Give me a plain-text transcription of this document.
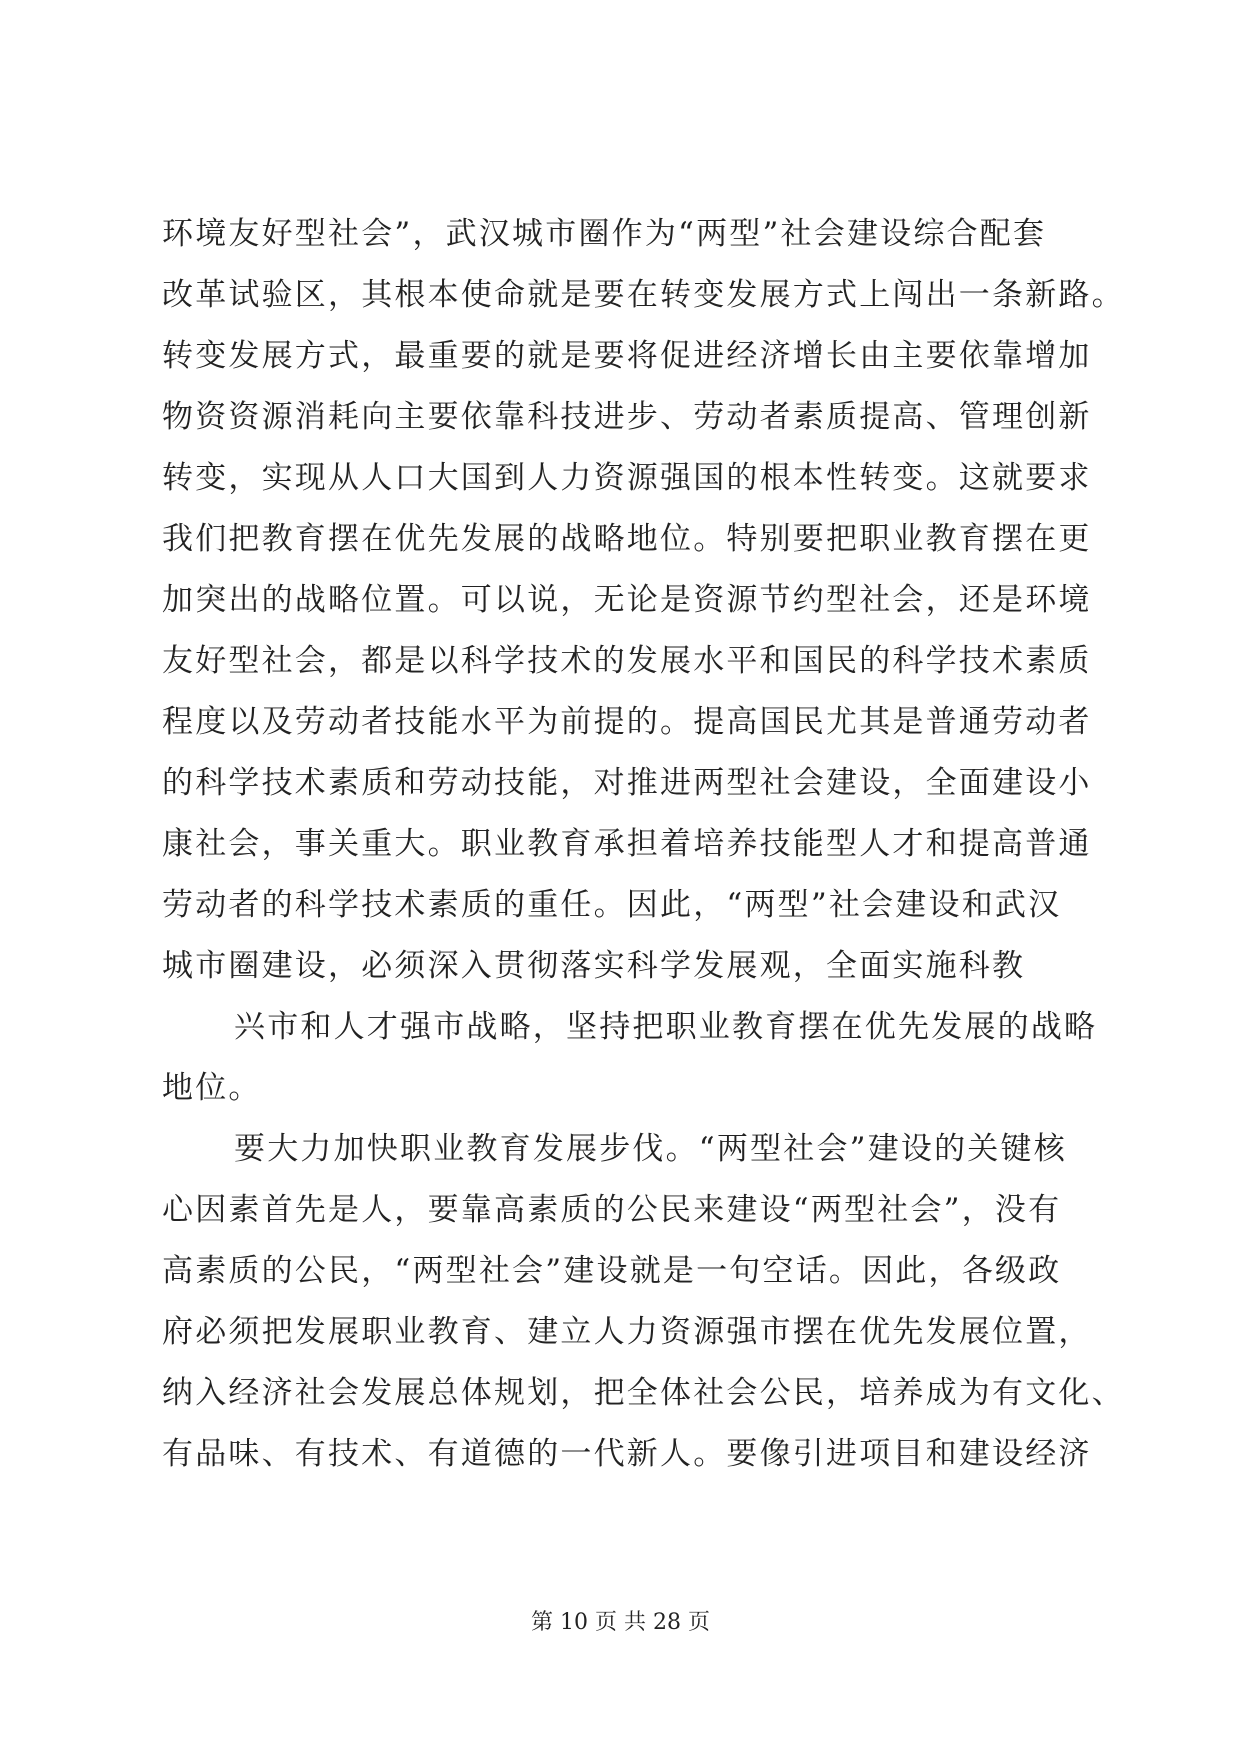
环境友好型社会”，武汉城市圈作为“两型”社会建设综合配套
改革试验区，其根本使命就是要在转变发展方式上闯出一条新路。
转变发展方式，最重要的就是要将促进经济增长由主要依靠增加
物资资源消耗向主要依靠科技进步、劳动者素质提高、管理创新
转变，实现从人口大国到人力资源强国的根本性转变。这就要求
我们把教育摆在优先发展的战略地位。特别要把职业教育摆在更
加突出的战略位置。可以说，无论是资源节约型社会，还是环境
友好型社会，都是以科学技术的发展水平和国民的科学技术素质
程度以及劳动者技能水平为前提的。提高国民尤其是普通劳动者
的科学技术素质和劳动技能，对推进两型社会建设，全面建设小
康社会，事关重大。职业教育承担着培养技能型人才和提高普通
劳动者的科学技术素质的重任。因此，“两型”社会建设和武汉
城市圈建设，必须深入贯彻落实科学发展观，全面实施科教
兴市和人才强市战略，坚持把职业教育摆在优先发展的战略
地位。
要大力加快职业教育发展步伐。“两型社会”建设的关键核
心因素首先是人，要靠高素质的公民来建设“两型社会”，没有
高素质的公民，“两型社会”建设就是一句空话。因此，各级政
府必须把发展职业教育、建立人力资源强市摆在优先发展位置，
纳入经济社会发展总体规划，把全体社会公民，培养成为有文化、
有品味、有技术、有道德的一代新人。要像引进项目和建设经济
第 10 页 共 28 页
